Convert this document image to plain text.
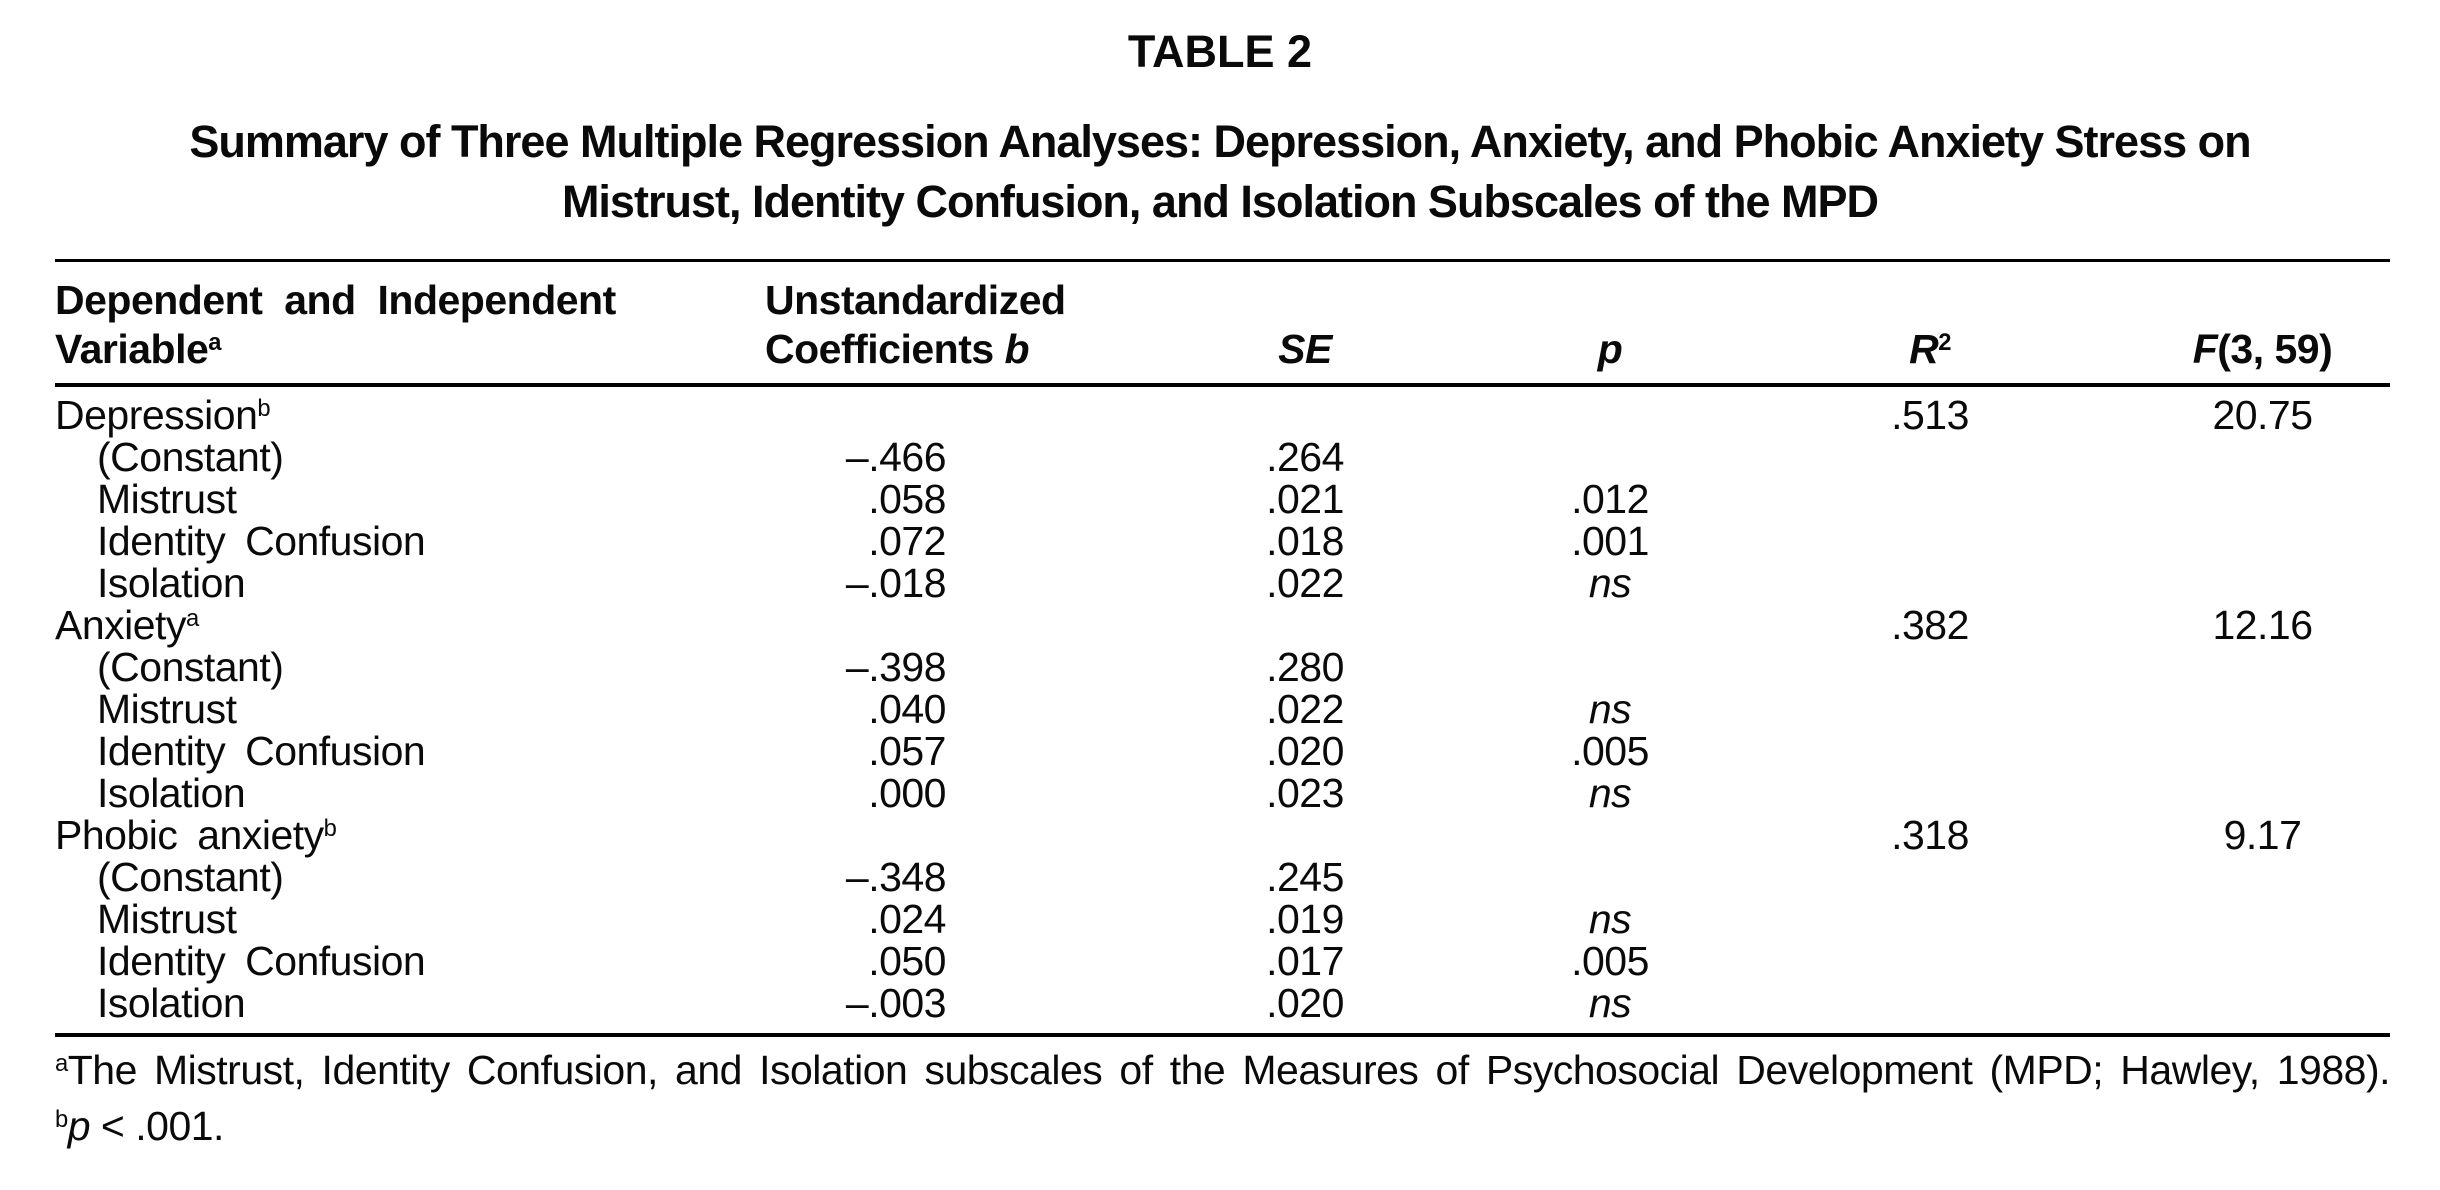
TABLE 2
Summary of Three Multiple Regression Analyses: Depression, Anxiety, and Phobic Anxiety Stress on
Mistrust, Identity Confusion, and Isolation Subscales of the MPD
Dependent and Independent
Variable$^a$

Unstandardized
Coefficients b	SE	p	$R^2$	F(3, 59)

Depression$^b$				.513	20.75
(Constant)	–.466	.264			
Mistrust	.058	.021	.012		
Identity Confusion	.072	.018	.001		
Isolation	–.018	.022	ns		
Anxiety$^a$				.382	12.16
(Constant)	–.398	.280			
Mistrust	.040	.022	ns		
Identity Confusion	.057	.020	.005		
Isolation	.000	.023	ns		
Phobic anxiety$^b$				.318	9.17
(Constant)	–.348	.245			
Mistrust	.024	.019	ns		
Identity Confusion	.050	.017	.005		
Isolation	–.003	.020	ns		
$^a$The Mistrust, Identity Confusion, and Isolation subscales of the Measures of Psychosocial Development (MPD; Hawley, 1988).
$^b$p < .001.
